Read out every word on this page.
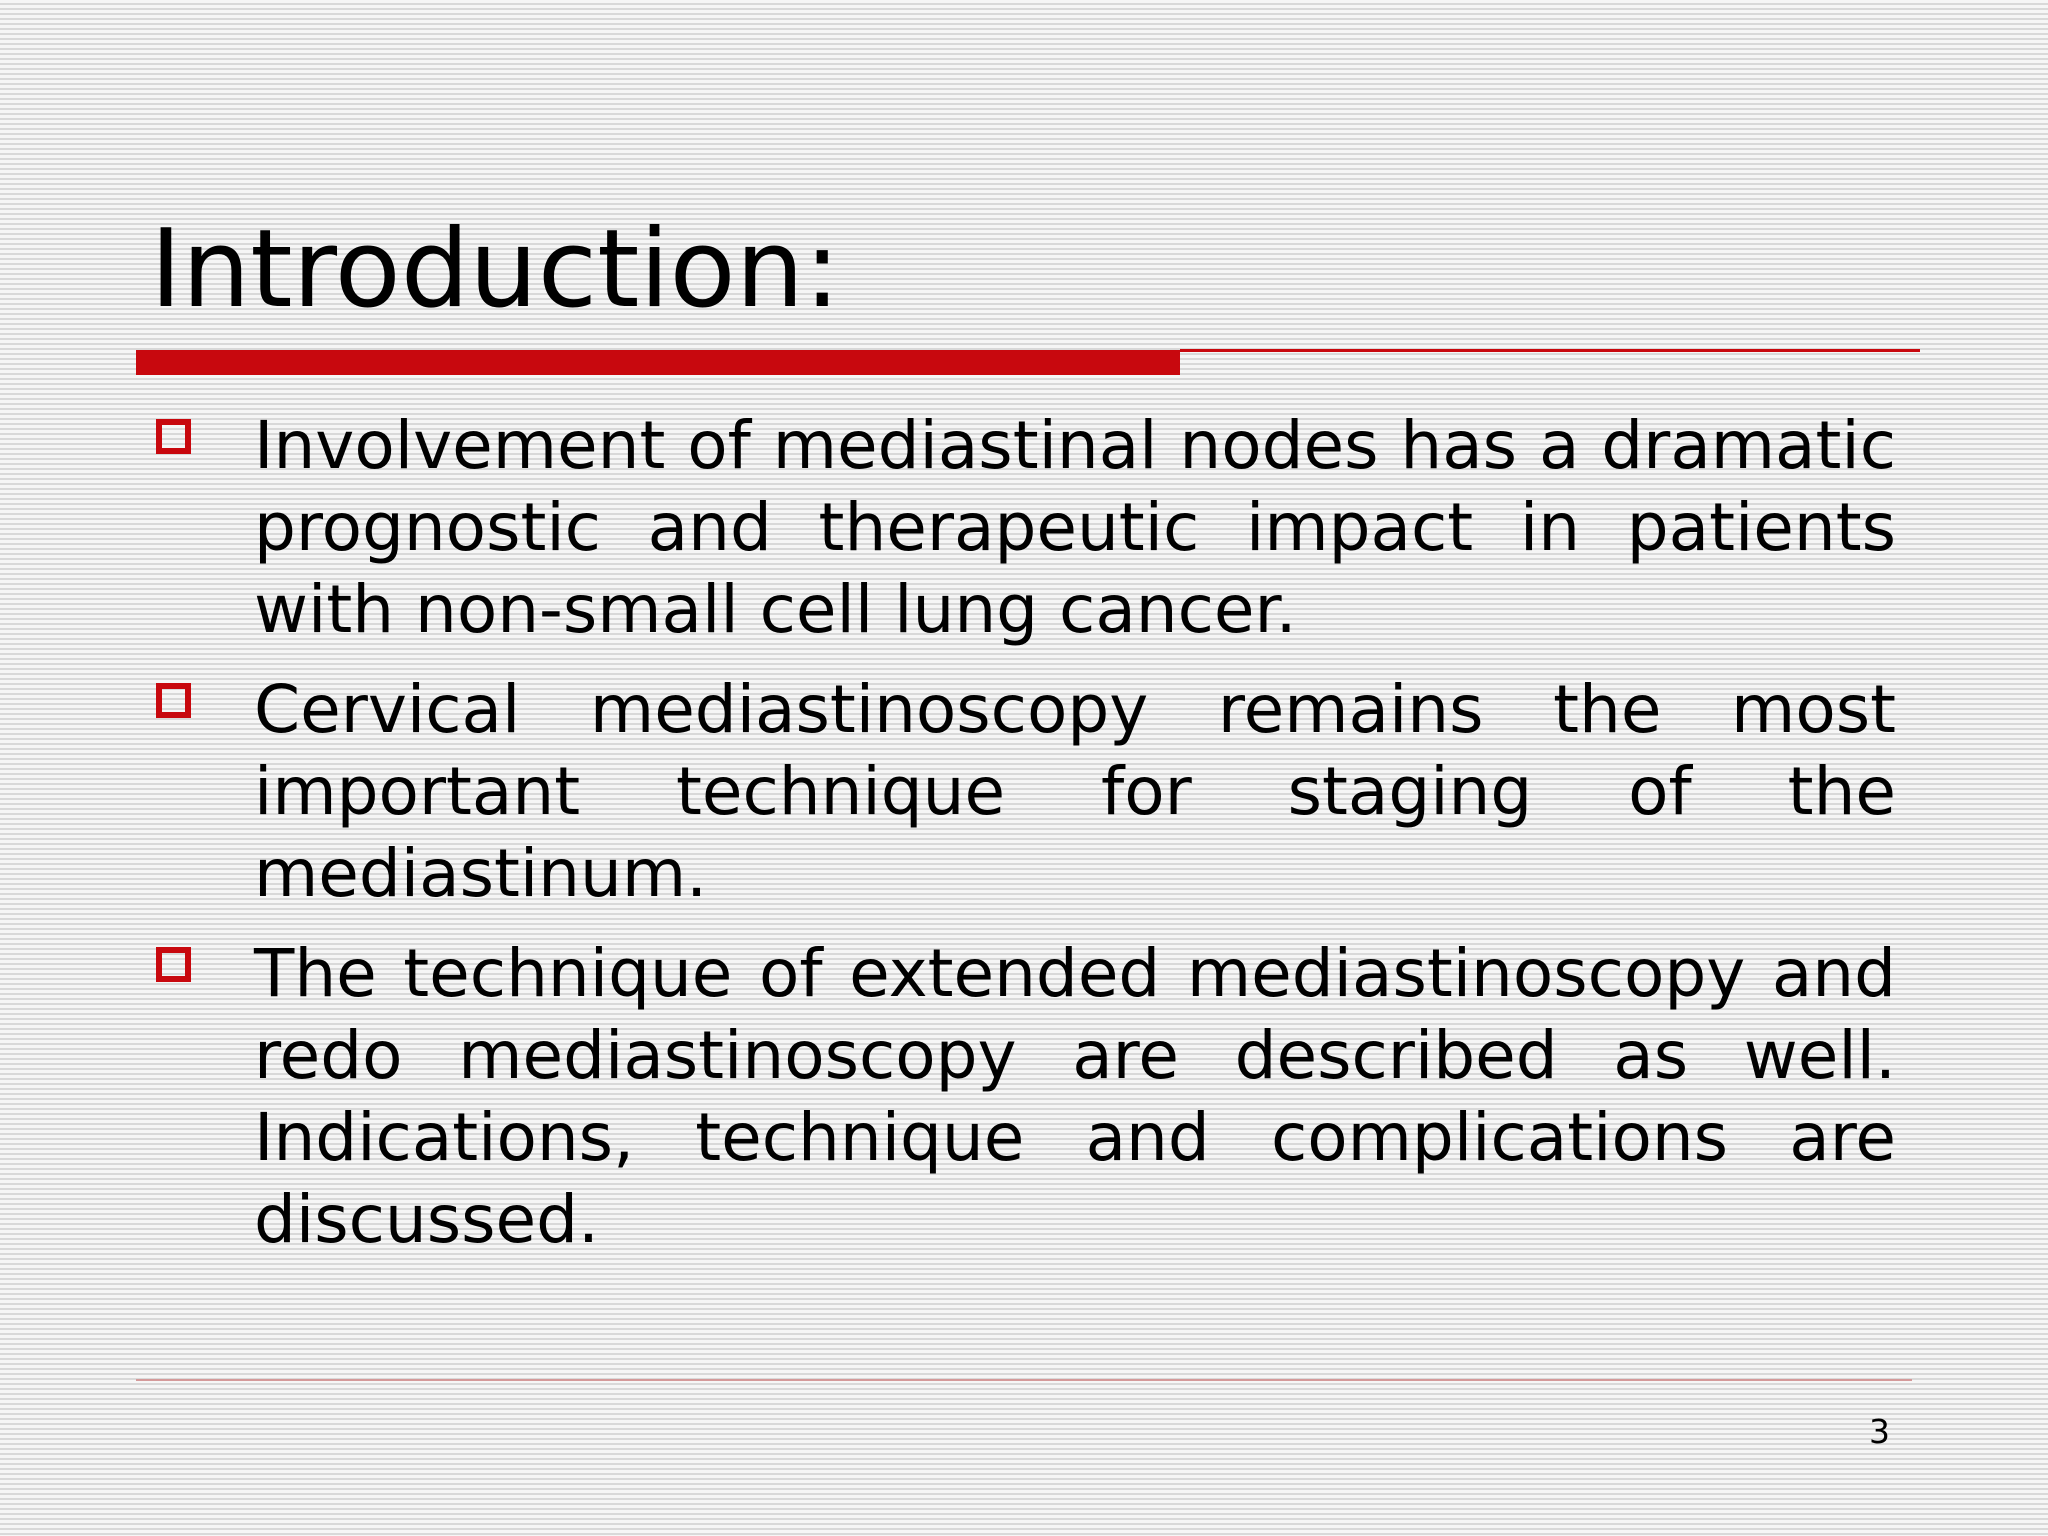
Introduction:
Involvement of mediastinal nodes has a dramatic prognostic and therapeutic impact in patients with non-small cell lung cancer.
Cervical mediastinoscopy remains the most important technique for staging of the mediastinum.
The technique of extended mediastinoscopy and redo mediastinoscopy are described as well. Indications, technique and complications are discussed.
3
